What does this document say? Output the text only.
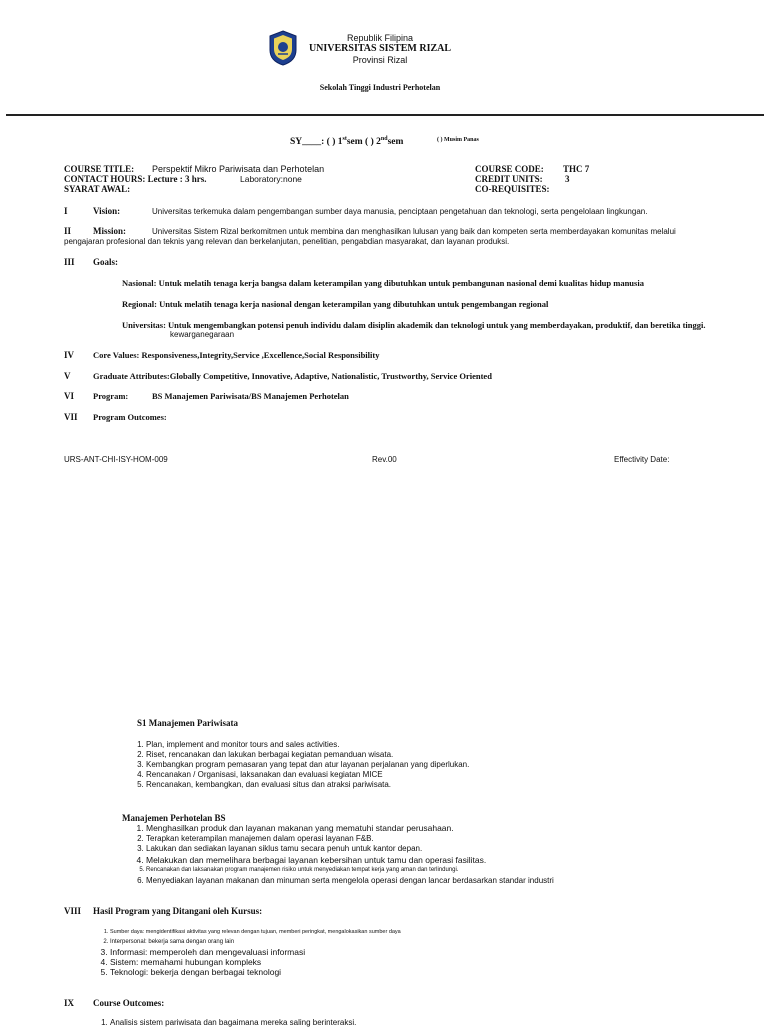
Republik Filipina
UNIVERSITAS SISTEM RIZAL
Provinsi Rizal
Sekolah Tinggi Industri Perhotelan
SY____: ( ) 1stsem ( ) 2ndsem	( ) Musim Panas
COURSE TITLE: Perspektif Mikro Pariwisata dan Perhotelan
CONTACT HOURS: Lecture : 3 hrs.	Laboratory:none
SYARAT AWAL:
COURSE CODE: THC 7
CREDIT UNITS: 3
CO-REQUISITES:
I	Vision:	Universitas terkemuka dalam pengembangan sumber daya manusia, penciptaan pengetahuan dan teknologi, serta pengelolaan lingkungan.
II Mission:	Universitas Sistem Rizal berkomitmen untuk membina dan menghasilkan lulusan yang baik dan kompeten serta memberdayakan komunitas melalui
pengajaran profesional dan teknis yang relevan dan berkelanjutan, penelitian, pengabdian masyarakat, dan layanan produksi.
III Goals:
Nasional: Untuk melatih tenaga kerja bangsa dalam keterampilan yang dibutuhkan untuk pembangunan nasional demi kualitas hidup manusia
Regional: Untuk melatih tenaga kerja nasional dengan keterampilan yang dibutuhkan untuk pengembangan regional
Universitas: Untuk mengembangkan potensi penuh individu dalam disiplin akademik dan teknologi untuk yang memberdayakan, produktif, dan beretika tinggi.
kewarganegaraan
IV Core Values: Responsiveness,Integrity,Service ,Excellence,Social Responsibility
V	Graduate Attributes:Globally Competitive, Innovative, Adaptive, Nationalistic, Trustworthy, Service Oriented
VI Program:	BS Manajemen Pariwisata/BS Manajemen Perhotelan
VII Program Outcomes:
URS-ANT-CHI-ISY-HOM-009	Rev.00	Effectivity Date:
S1 Manajemen Pariwisata
1. Plan, implement and monitor tours and sales activities.
2. Riset, rencanakan dan lakukan berbagai kegiatan pemanduan wisata.
3. Kembangkan program pemasaran yang tepat dan atur layanan perjalanan yang diperlukan.
4. Rencanakan / Organisasi, laksanakan dan evaluasi kegiatan MICE
5. Rencanakan, kembangkan, dan evaluasi situs dan atraksi pariwisata.
Manajemen Perhotelan BS
1. Menghasilkan produk dan layanan makanan yang mematuhi standar perusahaan.
2. Terapkan keterampilan manajemen dalam operasi layanan F&B.
3. Lakukan dan sediakan layanan siklus tamu secara penuh untuk kantor depan.
4. Melakukan dan memelihara berbagai layanan kebersihan untuk tamu dan operasi fasilitas.
5. Rencanakan dan laksanakan program manajemen risiko untuk menyediakan tempat kerja yang aman dan terlindungi.
6. Menyediakan layanan makanan dan minuman serta mengelola operasi dengan lancar berdasarkan standar industri
VIII Hasil Program yang Ditangani oleh Kursus:
1. Sumber daya: mengidentifikasi aktivitas yang relevan dengan tujuan, memberi peringkat, mengalokasikan sumber daya
2. Interpersonal: bekerja sama dengan orang lain
3. Informasi: memperoleh dan mengevaluasi informasi
4. Sistem: memahami hubungan kompleks
5. Teknologi: bekerja dengan berbagai teknologi
IX Course Outcomes:
1. Analisis sistem pariwisata dan bagaimana mereka saling berinteraksi.
